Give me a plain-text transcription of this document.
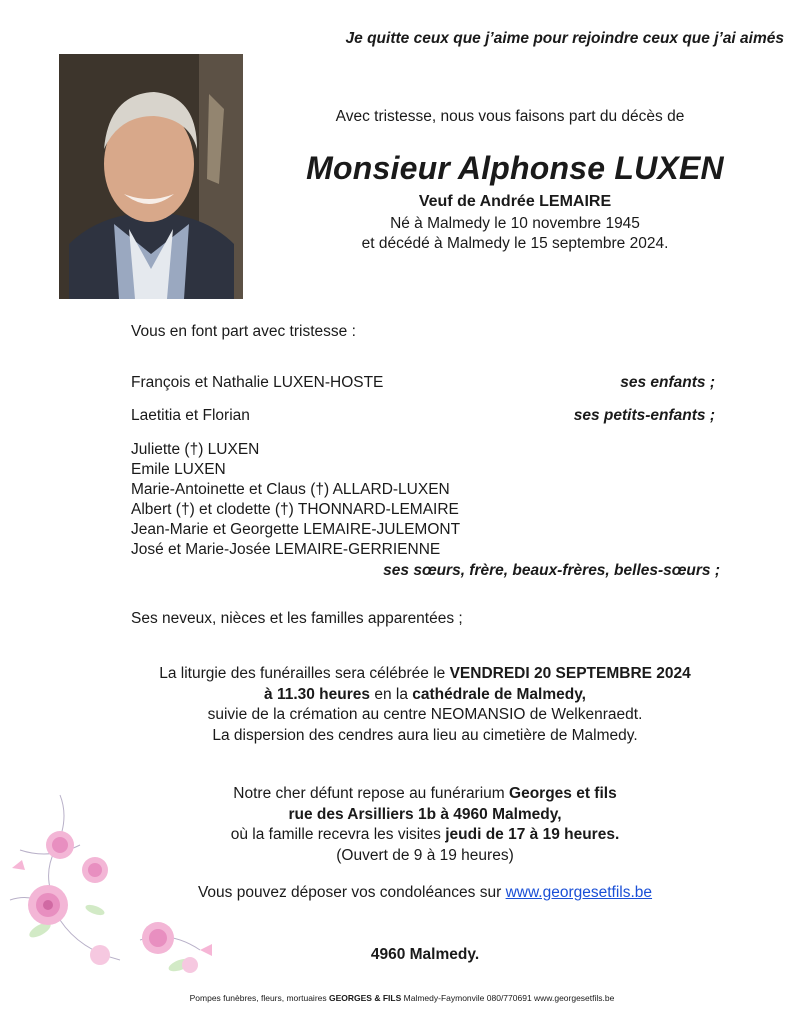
Je quitte ceux que j’aime pour rejoindre ceux que j’ai aimés
Avec tristesse, nous vous faisons part du décès de
Monsieur Alphonse LUXEN
Veuf de Andrée LEMAIRE
Né à Malmedy le 10 novembre 1945
et décédé à Malmedy le 15 septembre 2024.
Vous en font part avec tristesse :
François et Nathalie LUXEN-HOSTE	ses enfants ;
Laetitia et Florian	ses petits-enfants ;
Juliette (†) LUXEN
Emile LUXEN
Marie-Antoinette et Claus (†) ALLARD-LUXEN
Albert (†) et clodette (†) THONNARD-LEMAIRE
Jean-Marie et Georgette LEMAIRE-JULEMONT
José et Marie-Josée LEMAIRE-GERRIENNE
ses sœurs, frère, beaux-frères, belles-sœurs ;
Ses neveux, nièces et les familles apparentées ;
La liturgie des funérailles sera célébrée le VENDREDI 20 SEPTEMBRE 2024
à 11.30 heures en la cathédrale de Malmedy,
suivie de la crémation au centre NEOMANSIO de Welkenraedt.
La dispersion des cendres aura lieu au cimetière de Malmedy.
Notre cher défunt repose au funérarium Georges et fils
rue des Arsilliers 1b à 4960 Malmedy,
où la famille recevra les visites jeudi de 17 à 19 heures.
(Ouvert de 9 à 19 heures)
Vous pouvez déposer vos condoléances sur www.georgesetfils.be
4960 Malmedy.
Pompes funèbres, fleurs, mortuaires GEORGES & FILS Malmedy-Faymonvile 080/770691 www.georgesetfils.be
